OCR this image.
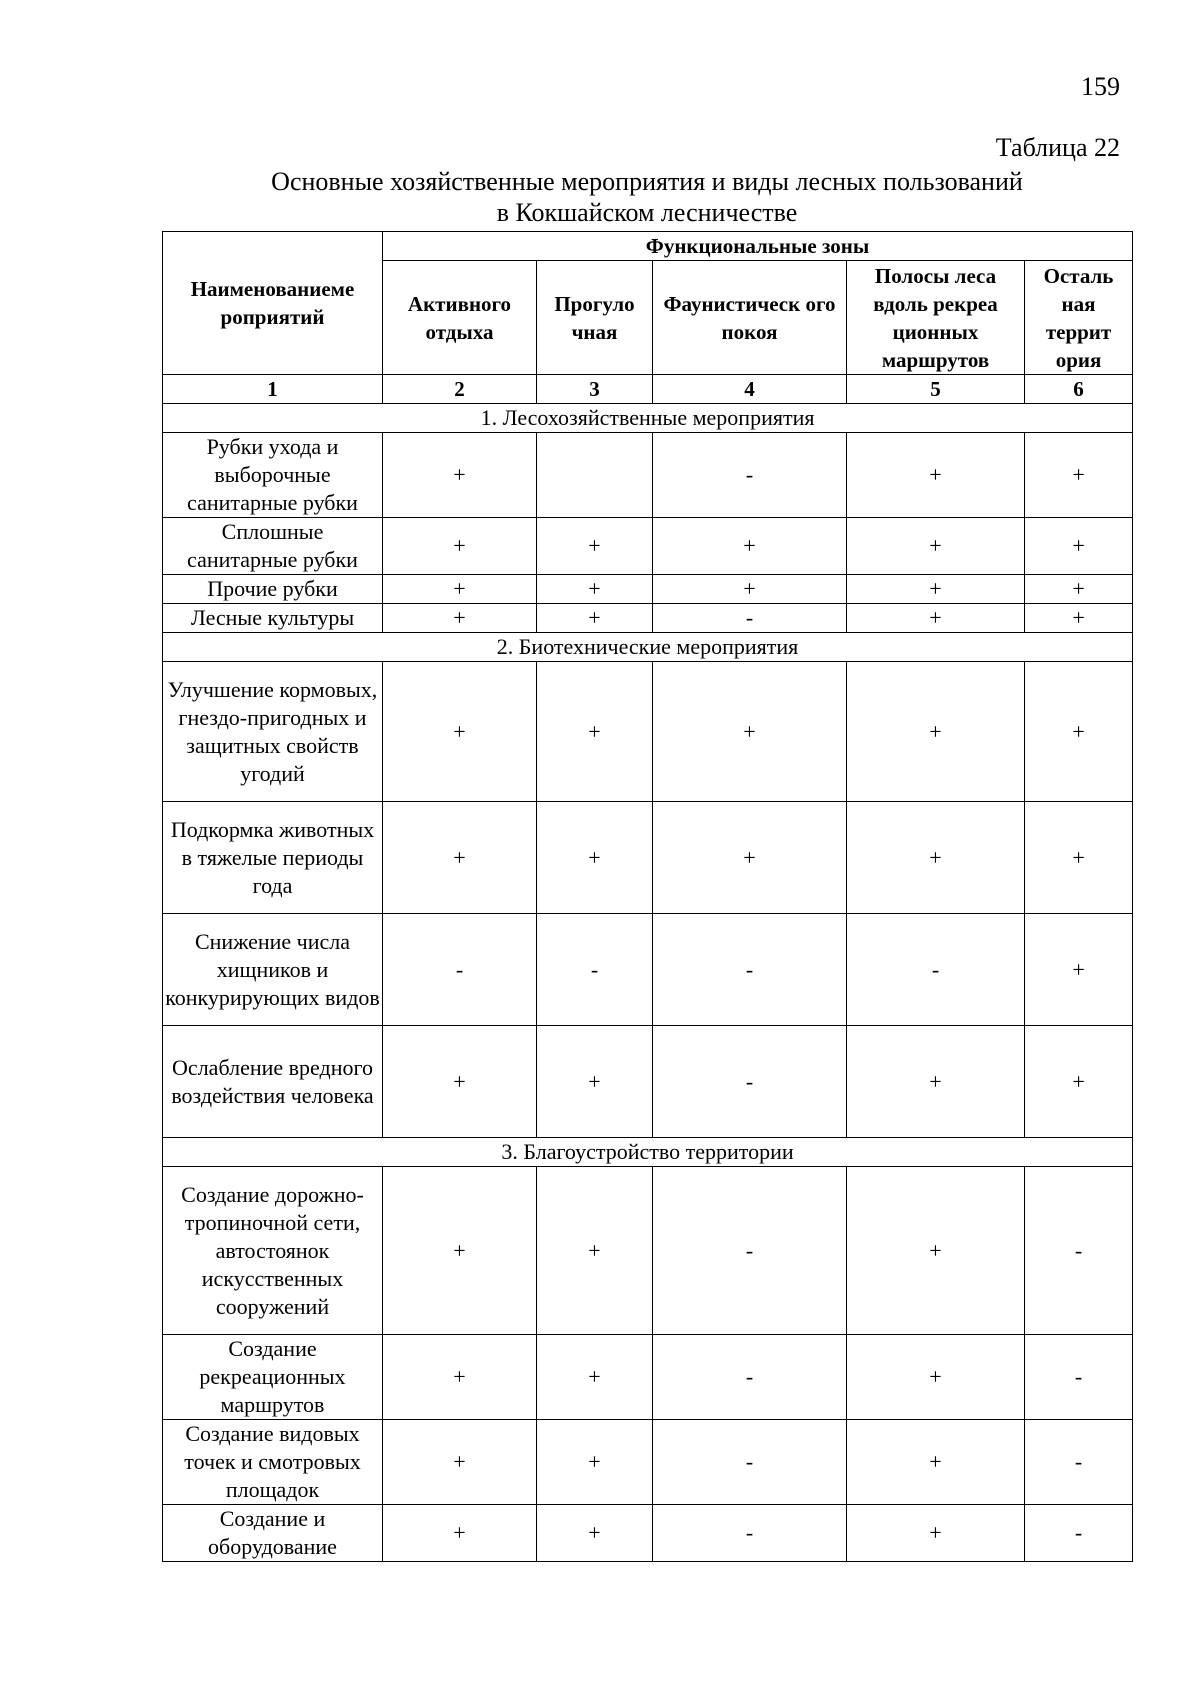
159
Таблица 22
Основные хозяйственные мероприятия и виды лесных пользований
в Кокшайском лесничестве
Наименованиеме роприятий	Функциональные зоны				
	Активного отдыха	Прогуло чная	Фаунистическ ого покоя	Полосы леса вдоль рекреа ционных маршрутов	Осталь ная террит ория
1	2	3	4	5	6
1. Лесохозяйственные мероприятия					
Рубки ухода и выборочные санитарные рубки	+		-	+	+
Сплошные санитарные рубки	+	+	+	+	+
Прочие рубки	+	+	+	+	+
Лесные культуры	+	+	-	+	+
2. Биотехнические мероприятия					
Улучшение кормовых, гнездо-пригодных и защитных свойств угодий	+	+	+	+	+
Подкормка животных в тяжелые периоды года	+	+	+	+	+
Снижение числа хищников и конкурирующих видов	-	-	-	-	+
Ослабление вредного воздействия человека	+	+	-	+	+
3. Благоустройство территории					
Создание дорожно-тропиночной сети, автостоянок искусственных сооружений	+	+	-	+	-
Создание рекреационных маршрутов	+	+	-	+	-
Создание видовых точек и смотровых площадок	+	+	-	+	-
Создание и оборудование	+	+	-	+	-
